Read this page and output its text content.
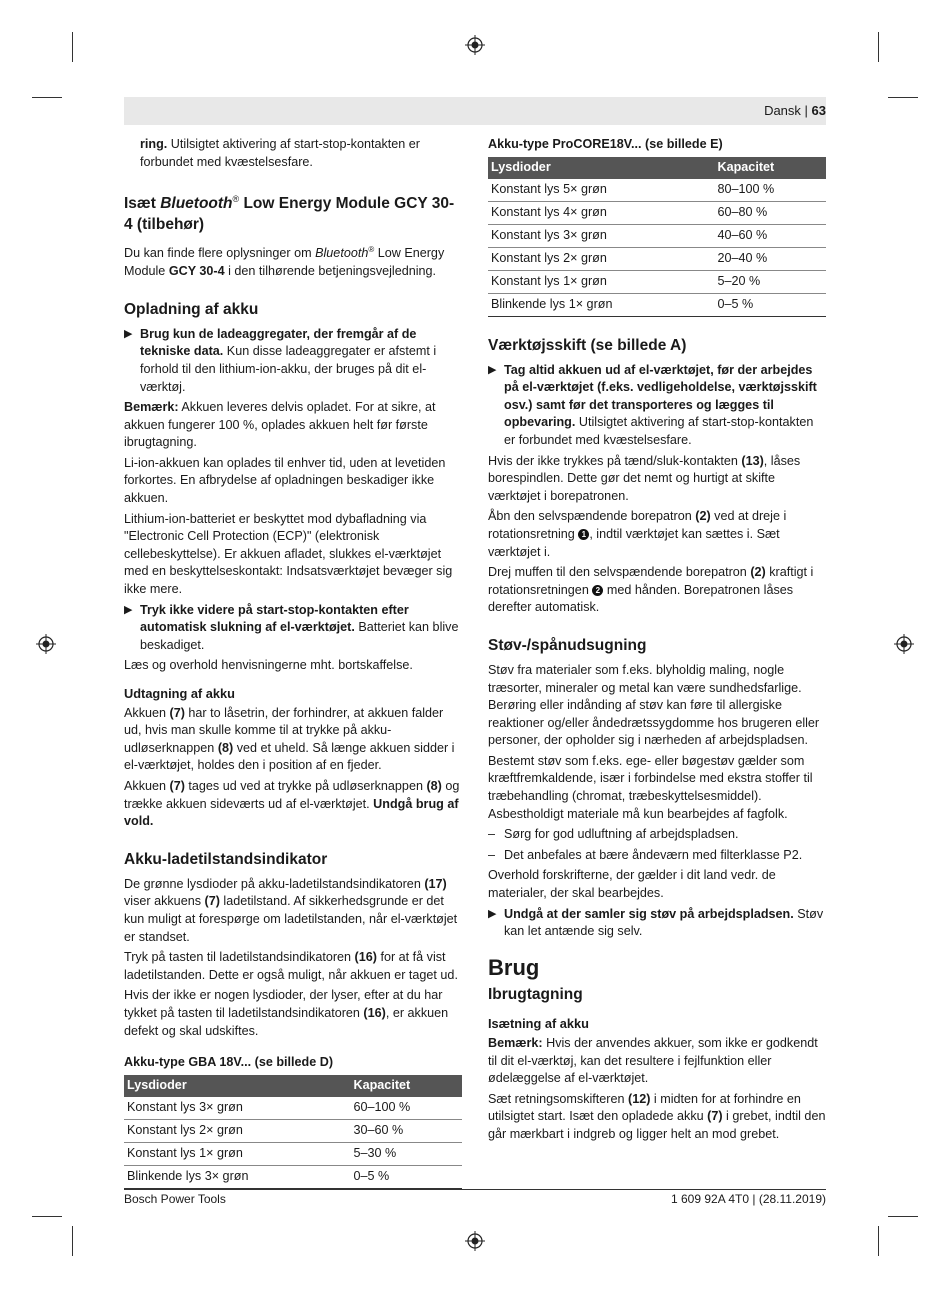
Dansk | 63

ring. Utilsigtet aktivering af start-stop-kontakten er forbundet med kvæstelsesfare.

Isæt Bluetooth® Low Energy Module GCY 30-4 (tilbehør)

Du kan finde flere oplysninger om Bluetooth® Low Energy Module GCY 30-4 i den tilhørende betjeningsvejledning.

Opladning af akku
▶ Brug kun de ladeaggregater, der fremgår af de tekniske data. Kun disse ladeaggregater er afstemt i forhold til den lithium-ion-akku, der bruges på dit el-værktøj.

Bemærk: Akkuen leveres delvis opladet. For at sikre, at akkuen fungerer 100 %, oplades akkuen helt før første ibrugtagning.

Li-ion-akkuen kan oplades til enhver tid, uden at levetiden forkortes. En afbrydelse af opladningen beskadiger ikke akkuen.

Lithium-ion-batteriet er beskyttet mod dybafladning via "Electronic Cell Protection (ECP)" (elektronisk cellebeskyttelse). Er akkuen afladet, slukkes el-værktøjet med en beskyttelseskontakt: Indsatsværktøjet bevæger sig ikke mere.

▶ Tryk ikke videre på start-stop-kontakten efter automatisk slukning af el-værktøjet. Batteriet kan blive beskadiget.

Læs og overhold henvisningerne mht. bortskaffelse.

Udtagning af akku

Akkuen (7) har to låsetrin, der forhindrer, at akkuen falder ud, hvis man skulle komme til at trykke på akku-udløserknappen (8) ved et uheld. Så længe akkuen sidder i el-værktøjet, holdes den i position af en fjeder.

Akkuen (7) tages ud ved at trykke på udløserknappen (8) og trække akkuen sideværts ud af el-værktøjet. Undgå brug af vold.

Akku-ladetilstandsindikator

De grønne lysdioder på akku-ladetilstandsindikatoren (17) viser akkuens (7) ladetilstand. Af sikkerhedsgrunde er det kun muligt at forespørge om ladetilstanden, når el-værktøjet er standset.

Tryk på tasten til ladetilstandsindikatoren (16) for at få vist ladetilstanden. Dette er også muligt, når akkuen er taget ud.

Hvis der ikke er nogen lysdioder, der lyser, efter at du har tykket på tasten til ladetilstandsindikatoren (16), er akkuen defekt og skal udskiftes.

Akku-type GBA 18V... (se billede D)
Lysdioder	Kapacitet
Konstant lys 3× grøn	60–100 %
Konstant lys 2× grøn	30–60 %
Konstant lys 1× grøn	5–30 %
Blinkende lys 3× grøn	0–5 %
Akku-type ProCORE18V... (se billede E)
Lysdioder	Kapacitet
Konstant lys 5× grøn	80–100 %
Konstant lys 4× grøn	60–80 %
Konstant lys 3× grøn	40–60 %
Konstant lys 2× grøn	20–40 %
Konstant lys 1× grøn	5–20 %
Blinkende lys 1× grøn	0–5 %
Værktøjsskift (se billede A)
▶ Tag altid akkuen ud af el-værktøjet, før der arbejdes på el-værktøjet (f.eks. vedligeholdelse, værktøjsskift osv.) samt før det transporteres og lægges til opbevaring. Utilsigtet aktivering af start-stop-kontakten er forbundet med kvæstelsesfare.

Hvis der ikke trykkes på tænd/sluk-kontakten (13), låses borespindlen. Dette gør det nemt og hurtigt at skifte værktøjet i borepatronen.

Åbn den selvspændende borepatron (2) ved at dreje i rotationsretning 1 , indtil værktøjet kan sættes i. Sæt værktøjet i.

Drej muffen til den selvspændende borepatron (2) kraftigt i rotationsretningen 2 med hånden. Borepatronen låses derefter automatisk.

Støv-/spånudsugning

Støv fra materialer som f.eks. blyholdig maling, nogle træsorter, mineraler og metal kan være sundhedsfarlige. Berøring eller indånding af støv kan føre til allergiske reaktioner og/eller åndedrætssygdomme hos brugeren eller personer, der opholder sig i nærheden af arbejdspladsen.

Bestemt støv som f.eks. ege- eller bøgestøv gælder som kræftfremkaldende, især i forbindelse med ekstra stoffer til træbehandling (chromat, træbeskyttelsesmiddel). Asbestholdigt materiale må kun bearbejdes af fagfolk.

– Sørg for god udluftning af arbejdspladsen.
– Det anbefales at bære åndeværn med filterklasse P2.

Overhold forskrifterne, der gælder i dit land vedr. de materialer, der skal bearbejdes.

▶ Undgå at der samler sig støv på arbejdspladsen. Støv kan let antænde sig selv.
Brug
Ibrugtagning
Isætning af akku

Bemærk: Hvis der anvendes akkuer, som ikke er godkendt til dit el-værktøj, kan det resultere i fejlfunktion eller ødelæggelse af el-værktøjet.

Sæt retningsomskifteren (12) i midten for at forhindre en utilsigtet start. Isæt den opladede akku (7) i grebet, indtil den går mærkbart i indgreb og ligger helt an mod grebet.

Bosch Power Tools	1 609 92A 4T0 | (28.11.2019)
